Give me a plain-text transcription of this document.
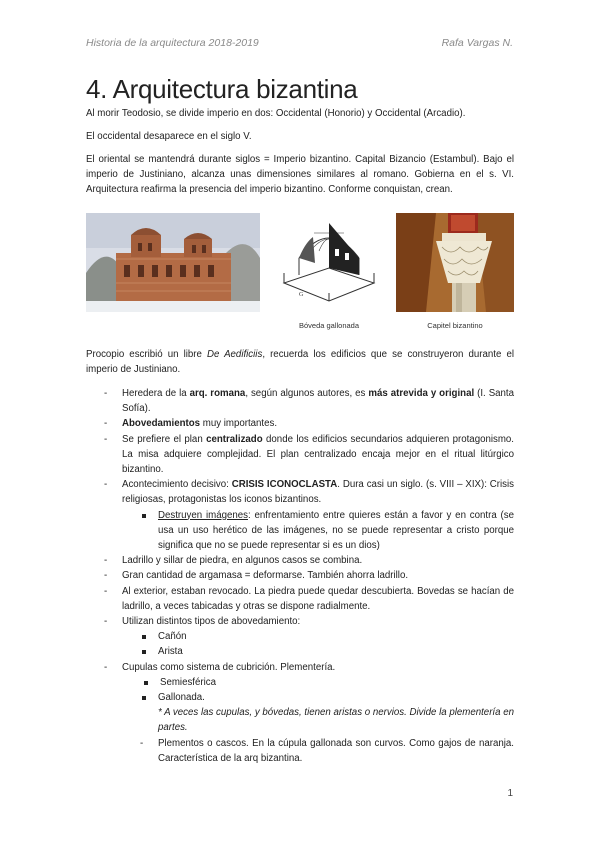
Historia de la arquitectura 2018-2019	Rafa Vargas N.
4. Arquitectura bizantina

Al morir Teodosio, se divide imperio en dos: Occidental (Honorio) y Occidental (Arcadio).

El occidental desaparece en el siglo V.

El oriental se mantendrá durante siglos = Imperio bizantino. Capital Bizancio (Estambul). Bajo el imperio de Justiniano, alcanza unas dimensiones similares al romano. Gobierna en el s. VI. Arquitectura reafirma la presencia del imperio bizantino. Conforme conquistan, crean.

G
Bóveda gallonada	Capitel bizantino

Procopio escribió un libre De Aedificiis, recuerda los edificios que se construyeron durante el imperio de Justiniano.

- Heredera de la arq. romana, según algunos autores, es más atrevida y original (I. Santa Sofía).
- Abovedamientos muy importantes.
- Se prefiere el plan centralizado donde los edificios secundarios adquieren protagonismo. La misa adquiere complejidad. El plan centralizado encaja mejor en el ritual litúrgico bizantino.
- Acontecimiento decisivo: CRISIS ICONOCLASTA. Dura casi un siglo. (s. VIII – XIX): Crisis religiosas, protagonistas los iconos bizantinos.
Destruyen imágenes: enfrentamiento entre quieres están a favor y en contra (se usa un uso herético de las imágenes, no se puede representar a cristo porque significa que no se puede representar si es un dios)
- Ladrillo y sillar de piedra, en algunos casos se combina.
- Gran cantidad de argamasa = deformarse. También ahorra ladrillo.
- Al exterior, estaban revocado. La piedra puede quedar descubierta. Bovedas se hacían de ladrillo, a veces tabicadas y otras se dispone radialmente.
- Utilizan distintos tipos de abovedamiento:
Cañón
Arista
- Cupulas como sistema de cubrición. Plementería.
Semiesférica
Gallonada.
* A veces las cupulas, y bóvedas, tienen aristas o nervios. Divide la plementería en partes.
- Plementos o cascos. En la cúpula gallonada son curvos. Como gajos de naranja. Característica de la arq bizantina.
1
